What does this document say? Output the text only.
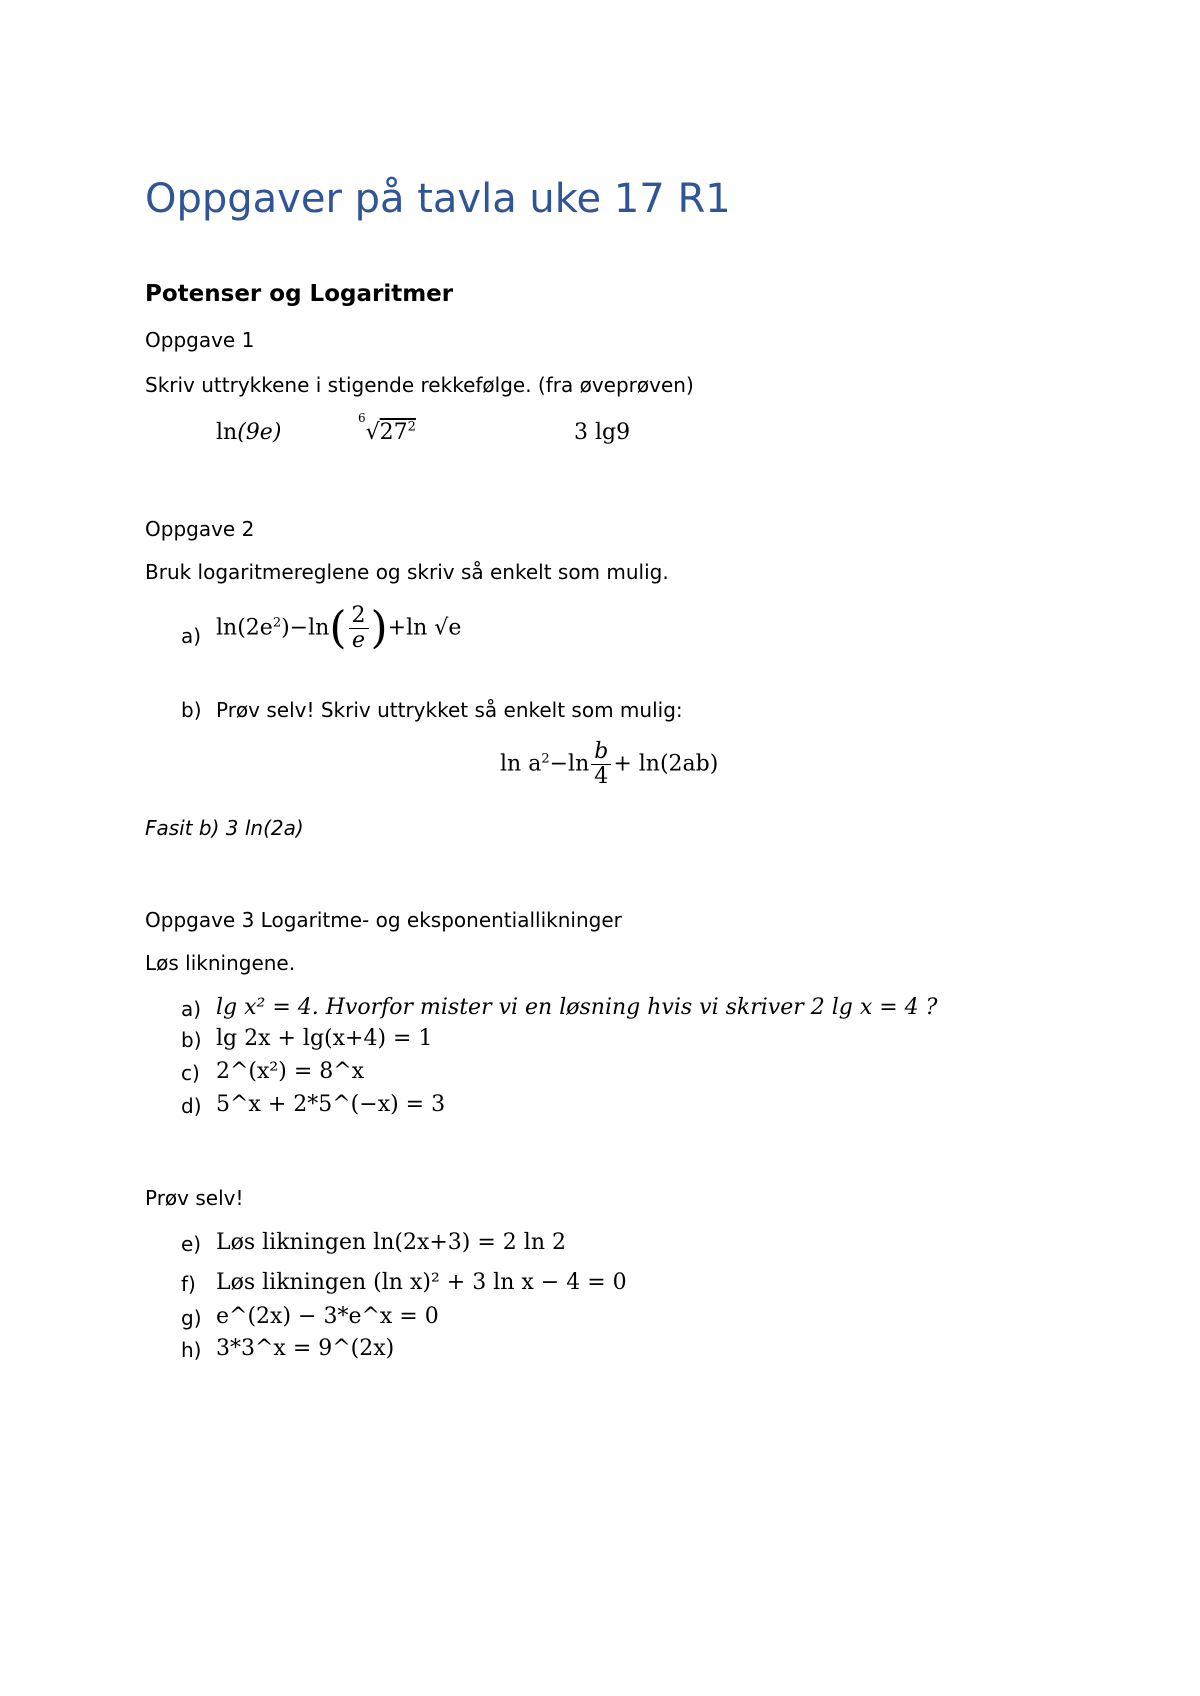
Oppgaver på tavla uke 17 R1
Potenser og Logaritmer
Oppgave 1
Skriv uttrykkene i stigende rekkefølge. (fra øveprøven)
ln(9e)
$^6√27^2$	3 lg9
Oppgave 2
Bruk logaritmereglene og skriv så enkelt som mulig.
a) $\ln(2e^2)-\ln( \frac{2}{e} )+\ln$ √e
b) Prøv selv! Skriv uttrykket så enkelt som mulig:
$\ln a^2-\ln \frac{b}{4} + \ln(2ab)$
Fasit b) 3 ln(2a)
Oppgave 3 Logaritme- og eksponentiallikninger
Løs likningene.
a) lg x² = 4. Hvorfor mister vi en løsning hvis vi skriver 2 lg x = 4 ?
b) lg 2x + lg(x+4) = 1
c) 2^(x²) = 8^x
d) 5^x + 2*5^(−x) = 3
Prøv selv!
e) Løs likningen ln(2x+3) = 2 ln 2
f) Løs likningen (ln x)² + 3 ln x − 4 = 0
g) e^(2x) − 3*e^x = 0
h) 3*3^x = 9^(2x)
